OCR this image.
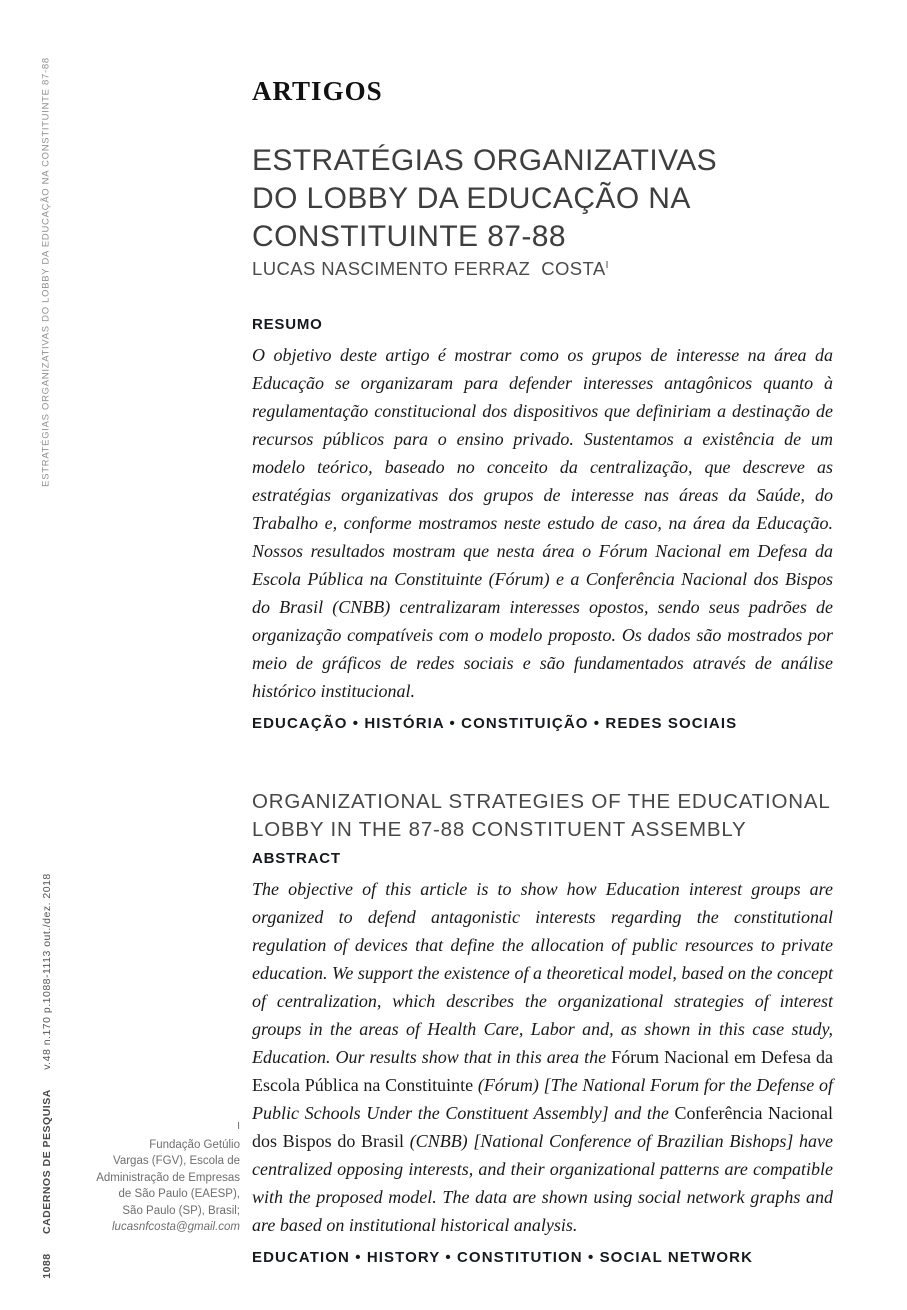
ESTRATÉGIAS ORGANIZATIVAS DO LOBBY DA EDUCAÇÃO NA CONSTITUINTE 87-88
1088 CADERNOS DE PESQUISA v.48 n.170 p.1088-1113 out./dez. 2018
ARTIGOS
ESTRATÉGIAS ORGANIZATIVAS
DO LOBBY DA EDUCAÇÃO NA
CONSTITUINTE 87-88
LUCAS NASCIMENTO FERRAZ  $COSTA^I$
RESUMO
O objetivo deste artigo é mostrar como os grupos de interesse na área da Educação se organizaram para defender interesses antagônicos quanto à regulamentação constitucional dos dispositivos que definiriam a destinação de recursos públicos para o ensino privado. Sustentamos a existência de um modelo teórico, baseado no conceito da centralização, que descreve as estratégias organizativas dos grupos de interesse nas áreas da Saúde, do Trabalho e, conforme mostramos neste estudo de caso, na área da Educação. Nossos resultados mostram que nesta área o Fórum Nacional em Defesa da Escola Pública na Constituinte (Fórum) e a Conferência Nacional dos Bispos do Brasil (CNBB) centralizaram interesses opostos, sendo seus padrões de organização compatíveis com o modelo proposto. Os dados são mostrados por meio de gráficos de redes sociais e são fundamentados através de análise histórico institucional.
EDUCAÇÃO • HISTÓRIA • CONSTITUIÇÃO • REDES SOCIAIS
ORGANIZATIONAL STRATEGIES OF THE EDUCATIONAL
LOBBY IN THE 87-88 CONSTITUENT ASSEMBLY
ABSTRACT
The objective of this article is to show how Education interest groups are organized to defend antagonistic interests regarding the constitutional regulation of devices that define the allocation of public resources to private education. We support the existence of a theoretical model, based on the concept of centralization, which describes the organizational strategies of interest groups in the areas of Health Care, Labor and, as shown in this case study, Education. Our results show that in this area the Fórum Nacional em Defesa da Escola Pública na Constituinte (Fórum) [The National Forum for the Defense of Public Schools Under the Constituent Assembly] and the Conferência Nacional dos Bispos do Brasil (CNBB) [National Conference of Brazilian Bishops] have centralized opposing interests, and their organizational patterns are compatible with the proposed model. The data are shown using social network graphs and are based on institutional historical analysis.
EDUCATION • HISTORY • CONSTITUTION • SOCIAL NETWORK
I
Fundação Getúlio
Vargas (FGV), Escola de
Administração de Empresas
de São Paulo (EAESP),
São Paulo (SP), Brasil;
lucasnfcosta@gmail.com
